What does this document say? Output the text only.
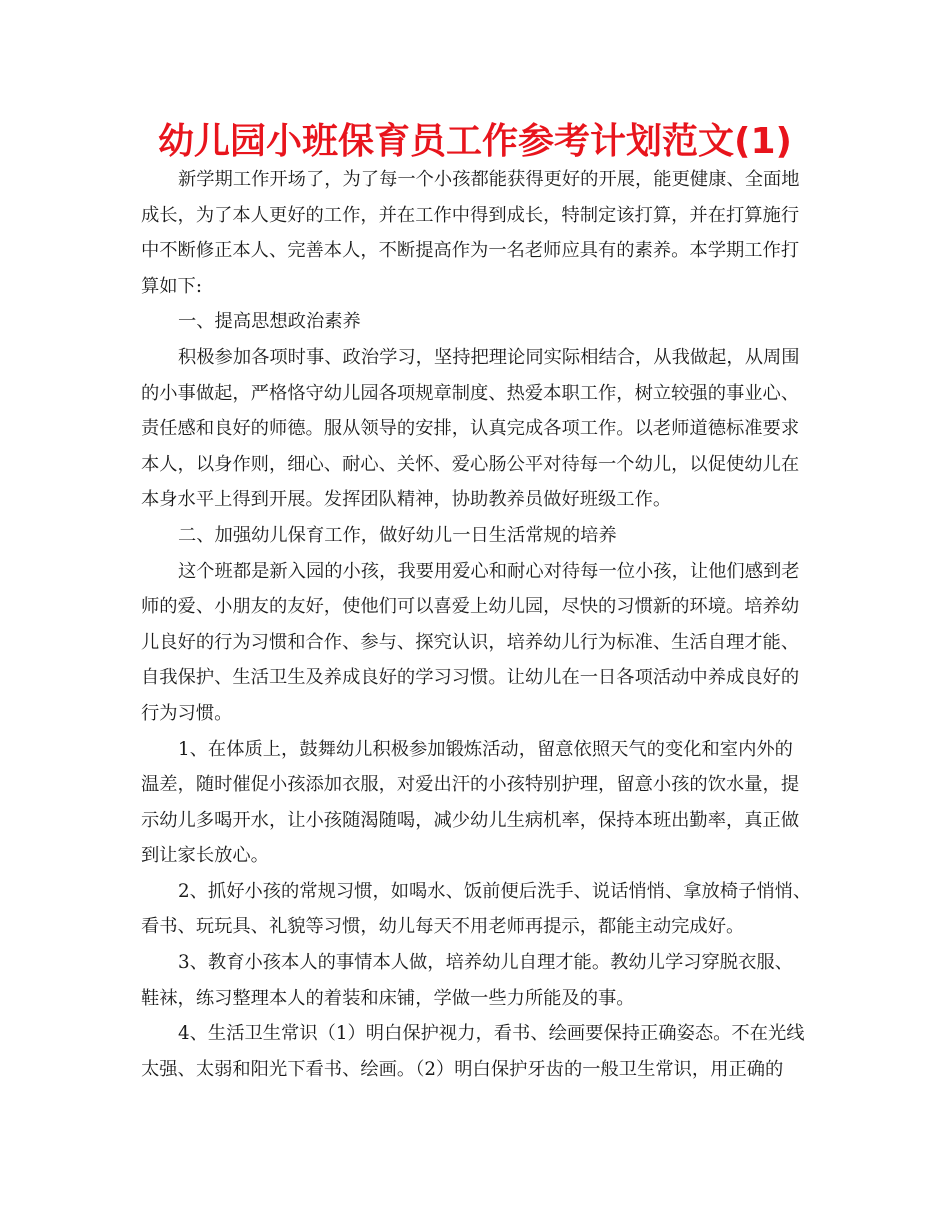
幼儿园小班保育员工作参考计划范文(1)
新学期工作开场了，为了每一个小孩都能获得更好的开展，能更健康、全面地
成长，为了本人更好的工作，并在工作中得到成长，特制定该打算，并在打算施行
中不断修正本人、完善本人，不断提高作为一名老师应具有的素养。本学期工作打
算如下:
一、提高思想政治素养
积极参加各项时事、政治学习，坚持把理论同实际相结合，从我做起，从周围
的小事做起，严格恪守幼儿园各项规章制度、热爱本职工作，树立较强的事业心、
责任感和良好的师德。服从领导的安排，认真完成各项工作。以老师道德标准要求
本人，以身作则，细心、耐心、关怀、爱心肠公平对待每一个幼儿，以促使幼儿在
本身水平上得到开展。发挥团队精神，协助教养员做好班级工作。
二、加强幼儿保育工作，做好幼儿一日生活常规的培养
这个班都是新入园的小孩，我要用爱心和耐心对待每一位小孩，让他们感到老
师的爱、小朋友的友好，使他们可以喜爱上幼儿园，尽快的习惯新的环境。培养幼
儿良好的行为习惯和合作、参与、探究认识，培养幼儿行为标准、生活自理才能、
自我保护、生活卫生及养成良好的学习习惯。让幼儿在一日各项活动中养成良好的
行为习惯。
1、在体质上，鼓舞幼儿积极参加锻炼活动，留意依照天气的变化和室内外的
温差，随时催促小孩添加衣服，对爱出汗的小孩特别护理，留意小孩的饮水量，提
示幼儿多喝开水，让小孩随渴随喝，减少幼儿生病机率，保持本班出勤率，真正做
到让家长放心。
2、抓好小孩的常规习惯，如喝水、饭前便后洗手、说话悄悄、拿放椅子悄悄、
看书、玩玩具、礼貌等习惯，幼儿每天不用老师再提示，都能主动完成好。
3、教育小孩本人的事情本人做，培养幼儿自理才能。教幼儿学习穿脱衣服、
鞋袜，练习整理本人的着装和床铺，学做一些力所能及的事。
4、生活卫生常识（1）明白保护视力，看书、绘画要保持正确姿态。不在光线
太强、太弱和阳光下看书、绘画。（2）明白保护牙齿的一般卫生常识，用正确的
